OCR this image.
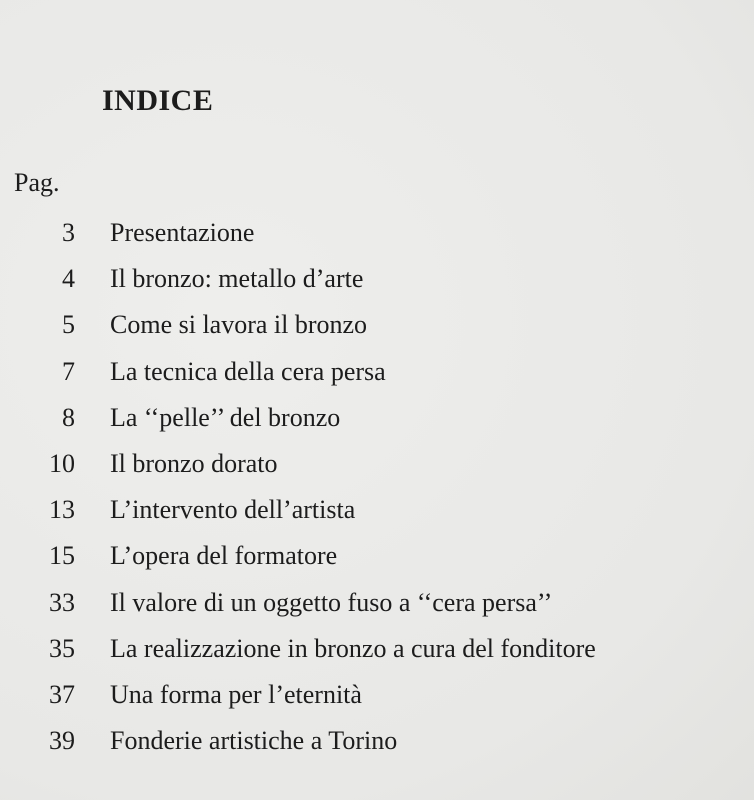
INDICE
Pag.
3 Presentazione
4 Il bronzo: metallo d’arte
5 Come si lavora il bronzo
7 La tecnica della cera persa
8 La ‘‘pelle’’ del bronzo
10 Il bronzo dorato
13 L’intervento dell’artista
15 L’opera del formatore
33 Il valore di un oggetto fuso a ‘‘cera persa’’
35 La realizzazione in bronzo a cura del fonditore
37 Una forma per l’eternità
39 Fonderie artistiche a Torino
